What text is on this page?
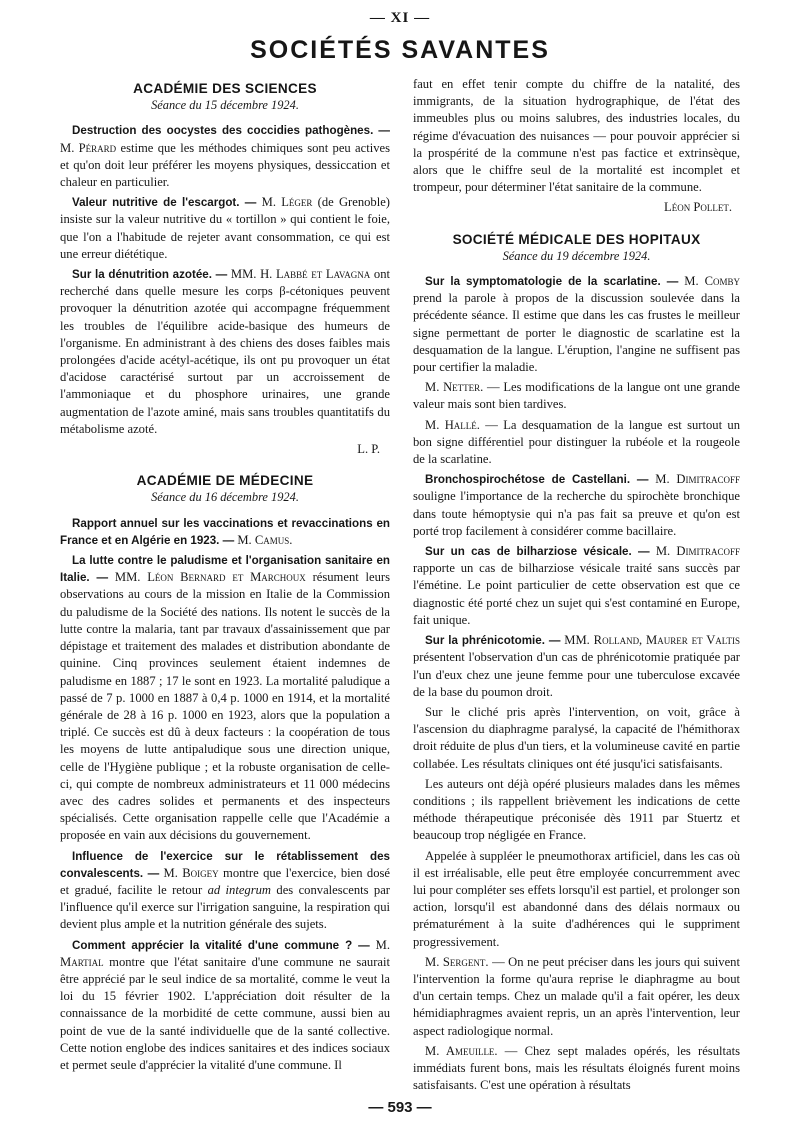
— XI —
SOCIÉTÉS SAVANTES
ACADÉMIE DES SCIENCES
Séance du 15 décembre 1924.

Destruction des oocystes des coccidies pathogènes. — M. Pérard estime que les méthodes chimiques sont peu actives et qu'on doit leur préférer les moyens physiques, dessiccation et chaleur en particulier.

Valeur nutritive de l'escargot. — M. Léger (de Grenoble) insiste sur la valeur nutritive du « tortillon » qui contient le foie, que l'on a l'habitude de rejeter avant consommation, ce qui est une erreur diététique.

Sur la dénutrition azotée. — MM. H. Labbé et Lavagna ont recherché dans quelle mesure les corps β-cétoniques peuvent provoquer la dénutrition azotée qui accompagne fréquemment les troubles de l'équilibre acide-basique des humeurs de l'organisme. En administrant à des chiens des doses faibles mais prolongées d'acide acétyl-acétique, ils ont pu provoquer un état d'acidose caractérisé surtout par un accroissement de l'ammoniaque et du phosphore urinaires, une grande augmentation de l'azote aminé, mais sans troubles quantitatifs du métabolisme azoté.

L. P.

ACADÉMIE DE MÉDECINE
Séance du 16 décembre 1924.

Rapport annuel sur les vaccinations et revaccinations en France et en Algérie en 1923. — M. Camus.

La lutte contre le paludisme et l'organisation sanitaire en Italie. — MM. Léon Bernard et Marchoux résument leurs observations au cours de la mission en Italie de la Commission du paludisme de la Société des nations. Ils notent le succès de la lutte contre la malaria, tant par travaux d'assainissement que par dépistage et traitement des malades et distribution abondante de quinine. Cinq provinces seulement étaient indemnes de paludisme en 1887 ; 17 le sont en 1923. La mortalité paludique a passé de 7 p. 1000 en 1887 à 0,4 p. 1000 en 1914, et la mortalité générale de 28 à 16 p. 1000 en 1923, alors que la population a triplé. Ce succès est dû à deux facteurs : la coopération de tous les moyens de lutte antipaludique sous une direction unique, celle de l'Hygiène publique ; et la robuste organisation de celle-ci, qui compte de nombreux administrateurs et 11 000 médecins avec des cadres solides et permanents et des inspecteurs spécialisés. Cette organisation rappelle celle que l'Académie a proposée en vain aux décisions du gouvernement.

Influence de l'exercice sur le rétablissement des convalescents. — M. Boigey montre que l'exercice, bien dosé et gradué, facilite le retour ad integrum des convalescents par l'influence qu'il exerce sur l'irrigation sanguine, la respiration qui devient plus ample et la nutrition générale des sujets.

Comment apprécier la vitalité d'une commune ? — M. Martial montre que l'état sanitaire d'une commune ne saurait être apprécié par le seul indice de sa mortalité, comme le veut la loi du 15 février 1902. L'appréciation doit résulter de la connaissance de la morbidité de cette commune, aussi bien au point de vue de la santé individuelle que de la santé collective. Cette notion englobe des indices sanitaires et des indices sociaux et permet seule d'apprécier la vitalité d'une commune. Il

faut en effet tenir compte du chiffre de la natalité, des immigrants, de la situation hydrographique, de l'état des immeubles plus ou moins salubres, des industries locales, du régime d'évacuation des nuisances — pour pouvoir apprécier si la prospérité de la commune n'est pas factice et extrinsèque, alors que le chiffre seul de la mortalité est incomplet et trompeur, pour déterminer l'état sanitaire de la commune.

Léon Pollet.

SOCIÉTÉ MÉDICALE DES HOPITAUX
Séance du 19 décembre 1924.

Sur la symptomatologie de la scarlatine. — M. Comby prend la parole à propos de la discussion soulevée dans la précédente séance. Il estime que dans les cas frustes le meilleur signe permettant de porter le diagnostic de scarlatine est la desquamation de la langue. L'éruption, l'angine ne suffisent pas pour certifier la maladie.

M. Netter. — Les modifications de la langue ont une grande valeur mais sont bien tardives.

M. Hallé. — La desquamation de la langue est surtout un bon signe différentiel pour distinguer la rubéole et la rougeole de la scarlatine.

Bronchospirochétose de Castellani. — M. Dimitracoff souligne l'importance de la recherche du spirochète bronchique dans toute hémoptysie qui n'a pas fait sa preuve et qu'on est porté trop facilement à considérer comme bacillaire.

Sur un cas de bilharziose vésicale. — M. Dimitracoff rapporte un cas de bilharziose vésicale traité sans succès par l'émétine. Le point particulier de cette observation est que ce diagnostic été porté chez un sujet qui s'est contaminé en Europe, fait unique.

Sur la phrénicotomie. — MM. Rolland, Maurer et Valtis présentent l'observation d'un cas de phrénicotomie pratiquée par l'un d'eux chez une jeune femme pour une tuberculose excavée de la base du poumon droit.

Sur le cliché pris après l'intervention, on voit, grâce à l'ascension du diaphragme paralysé, la capacité de l'hémithorax droit réduite de plus d'un tiers, et la volumineuse cavité en partie collabée. Les résultats cliniques ont été jusqu'ici satisfaisants.

Les auteurs ont déjà opéré plusieurs malades dans les mêmes conditions ; ils rappellent brièvement les indications de cette méthode thérapeutique préconisée dès 1911 par Stuertz et beaucoup trop négligée en France.

Appelée à suppléer le pneumothorax artificiel, dans les cas où il est irréalisable, elle peut être employée concurremment avec lui pour compléter ses effets lorsqu'il est partiel, et prolonger son action, lorsqu'il est abandonné dans des délais normaux ou prématurément à la suite d'adhérences qui le suppriment progressivement.

M. Sergent. — On ne peut préciser dans les jours qui suivent l'intervention la forme qu'aura reprise le diaphragme au bout d'un certain temps. Chez un malade qu'il a fait opérer, les deux hémidiaphragmes avaient repris, un an après l'intervention, leur aspect radiologique normal.

M. Ameuille. — Chez sept malades opérés, les résultats immédiats furent bons, mais les résultats éloignés furent moins satisfaisants. C'est une opération à résultats

— 593 —
